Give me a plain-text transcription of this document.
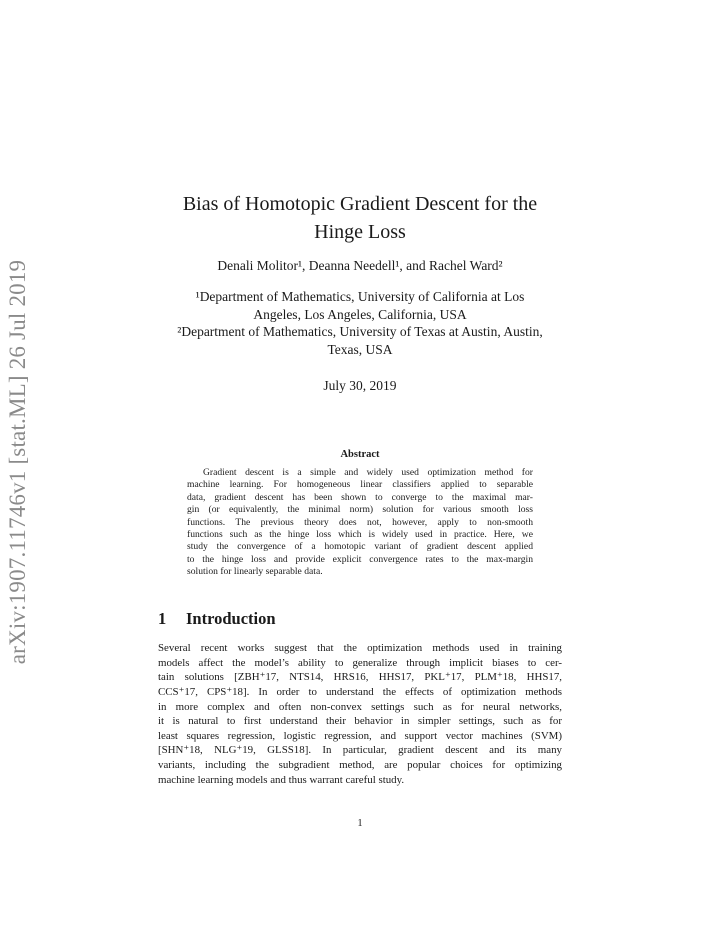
arXiv:1907.11746v1 [stat.ML] 26 Jul 2019
Bias of Homotopic Gradient Descent for the
Hinge Loss
Denali Molitor¹, Deanna Needell¹, and Rachel Ward²
¹Department of Mathematics, University of California at Los
Angeles, Los Angeles, California, USA
²Department of Mathematics, University of Texas at Austin, Austin,
Texas, USA
July 30, 2019
Abstract
Gradient descent is a simple and widely used optimization method for
machine learning. For homogeneous linear classifiers applied to separable
data, gradient descent has been shown to converge to the maximal mar-
gin (or equivalently, the minimal norm) solution for various smooth loss
functions. The previous theory does not, however, apply to non-smooth
functions such as the hinge loss which is widely used in practice. Here, we
study the convergence of a homotopic variant of gradient descent applied
to the hinge loss and provide explicit convergence rates to the max-margin
solution for linearly separable data.
1 Introduction
Several recent works suggest that the optimization methods used in training
models affect the model’s ability to generalize through implicit biases to cer-
tain solutions [ZBH⁺17, NTS14, HRS16, HHS17, PKL⁺17, PLM⁺18, HHS17,
CCS⁺17, CPS⁺18]. In order to understand the effects of optimization methods
in more complex and often non-convex settings such as for neural networks,
it is natural to first understand their behavior in simpler settings, such as for
least squares regression, logistic regression, and support vector machines (SVM)
[SHN⁺18, NLG⁺19, GLSS18]. In particular, gradient descent and its many
variants, including the subgradient method, are popular choices for optimizing
machine learning models and thus warrant careful study.
1
